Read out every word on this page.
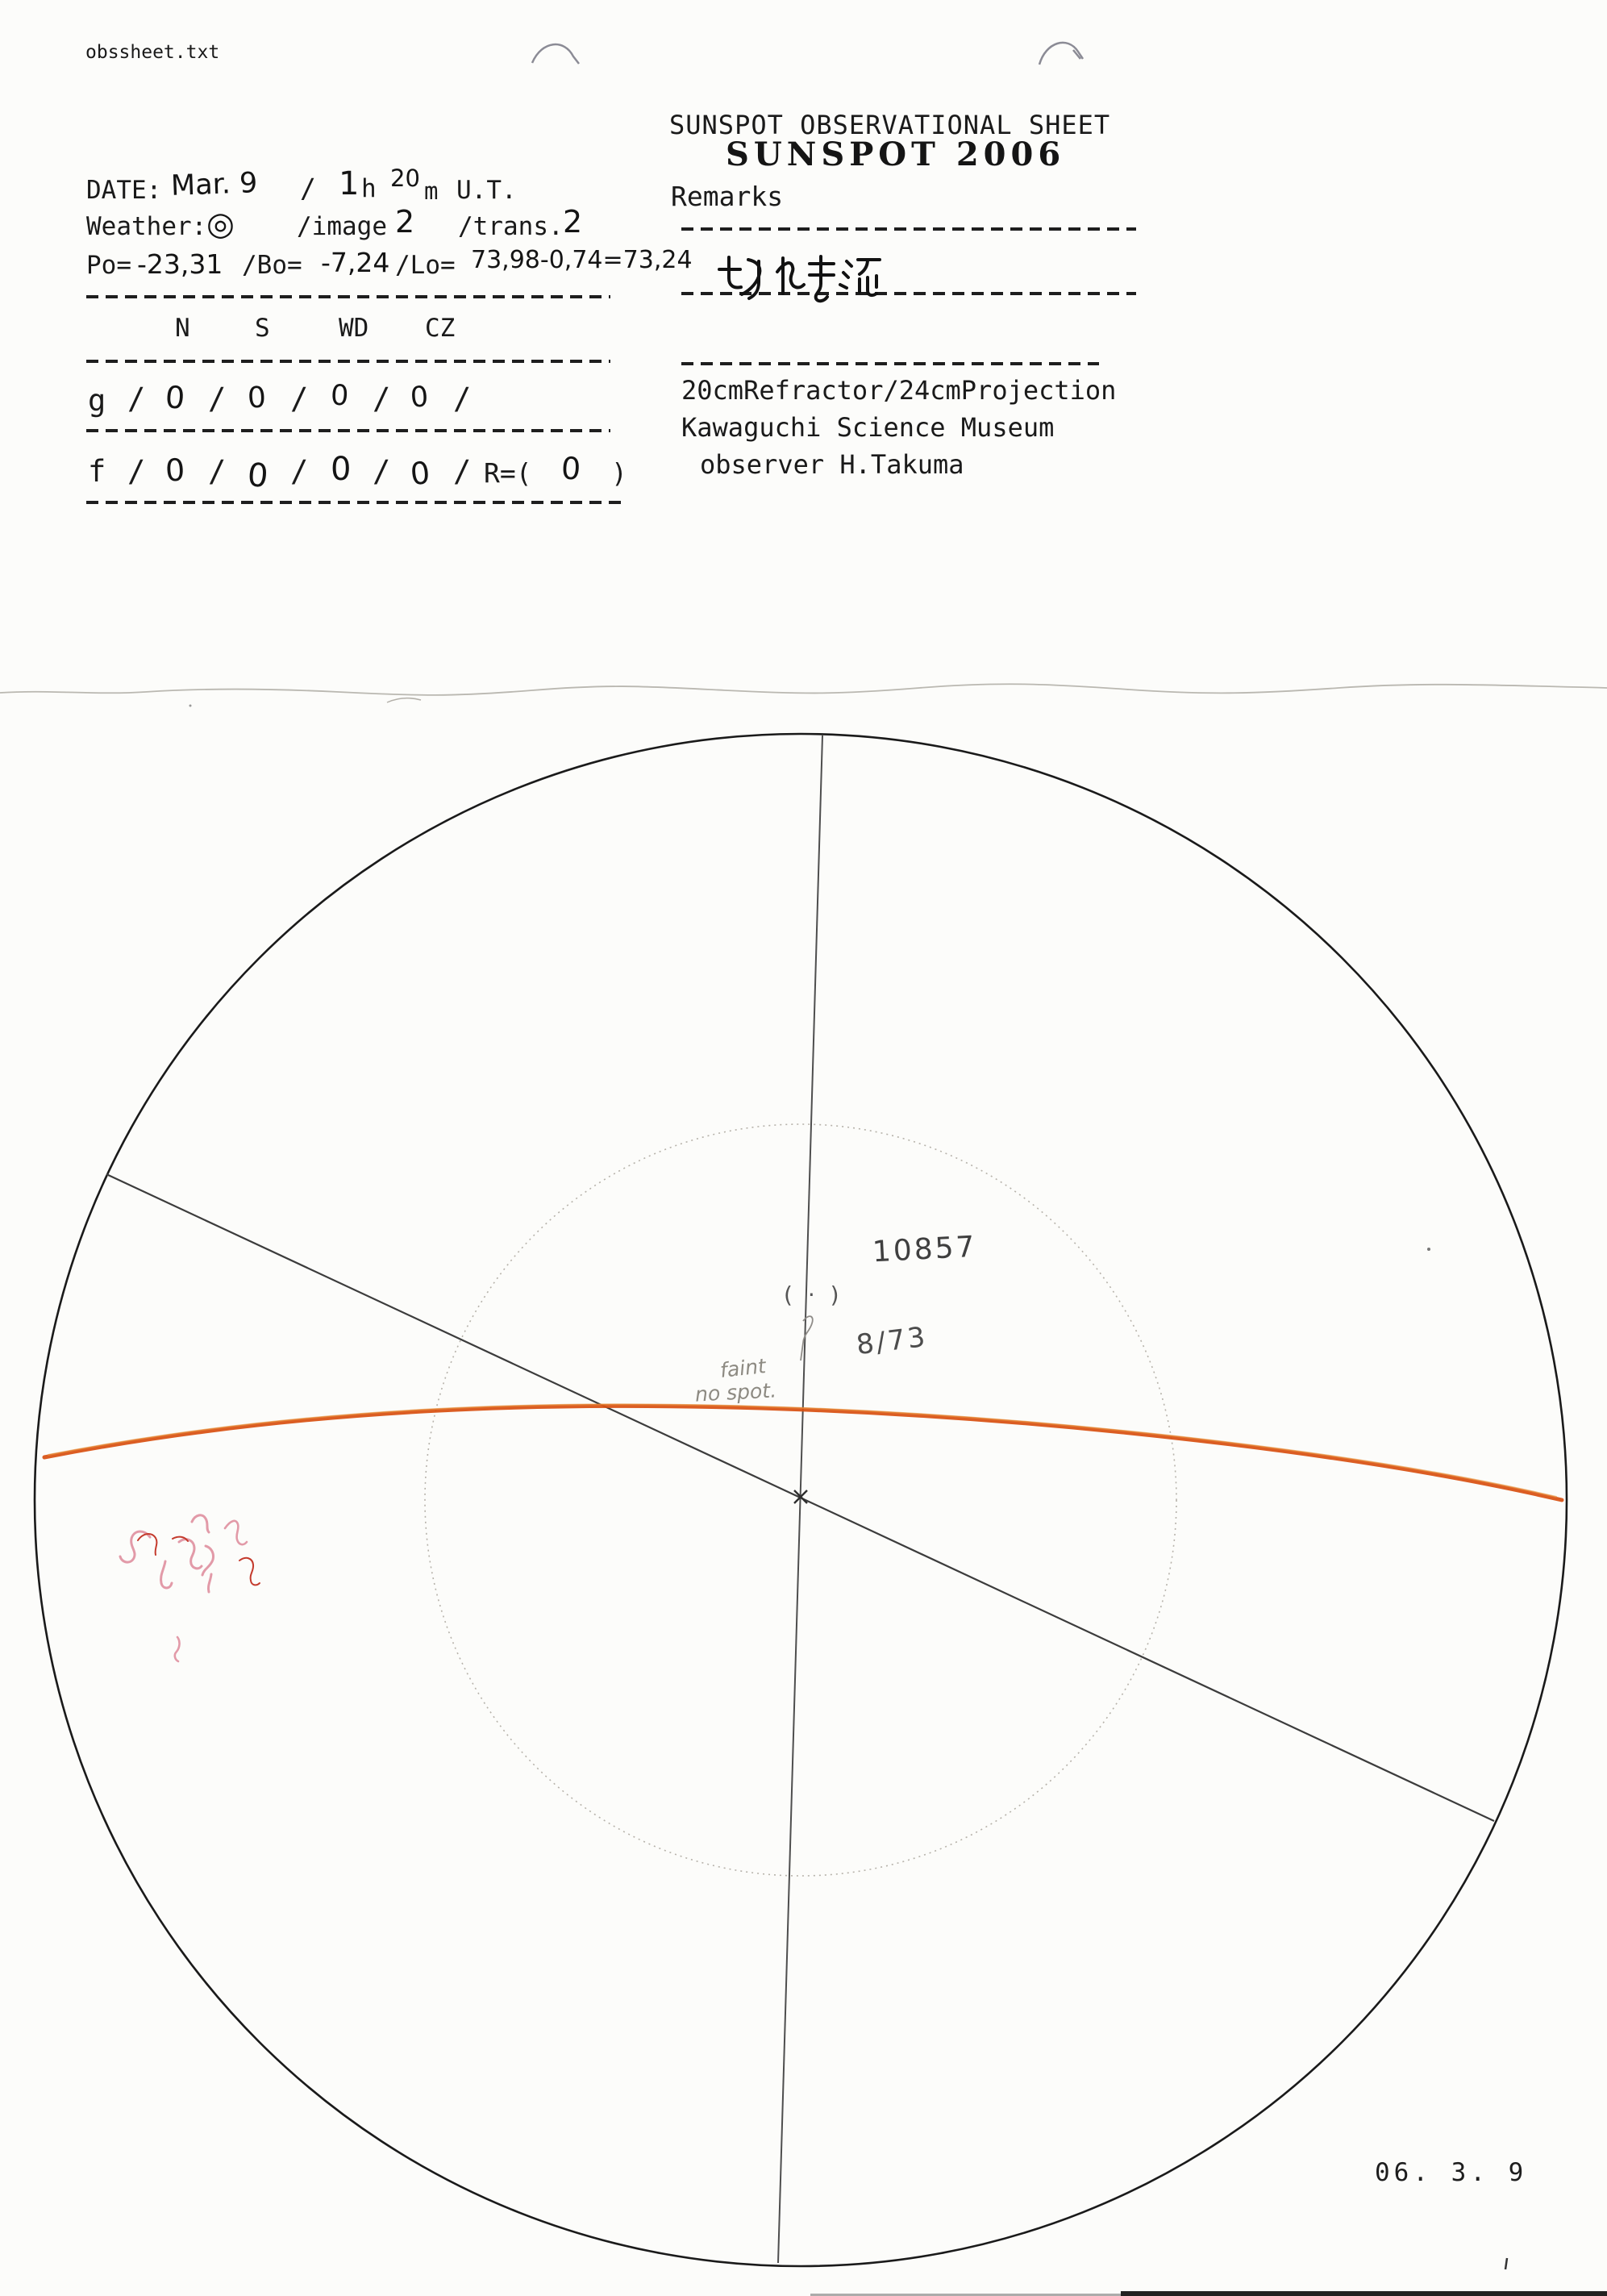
obssheet.txt
SUNSPOT OBSERVATIONAL SHEET
SUNSPOT 2006
Remarks
DATE: Mar. 9 / 1 h 20 m U.T.
Weather: ◎ /image 2 /trans. 2
Po= -23,31 /Bo= -7,24 /Lo= 73,98-0,74=73,24
N	S	WD CZ
g / 0 / 0 / 0 / 0 /
f / 0 / 0 / 0 / 0 / R=( 0 )
20cmRefractor/24cmProjection
Kawaguchi Science Museum
observer H.Takuma
10857
( · )
8/73
faint
no spot.
06. 3. 9
